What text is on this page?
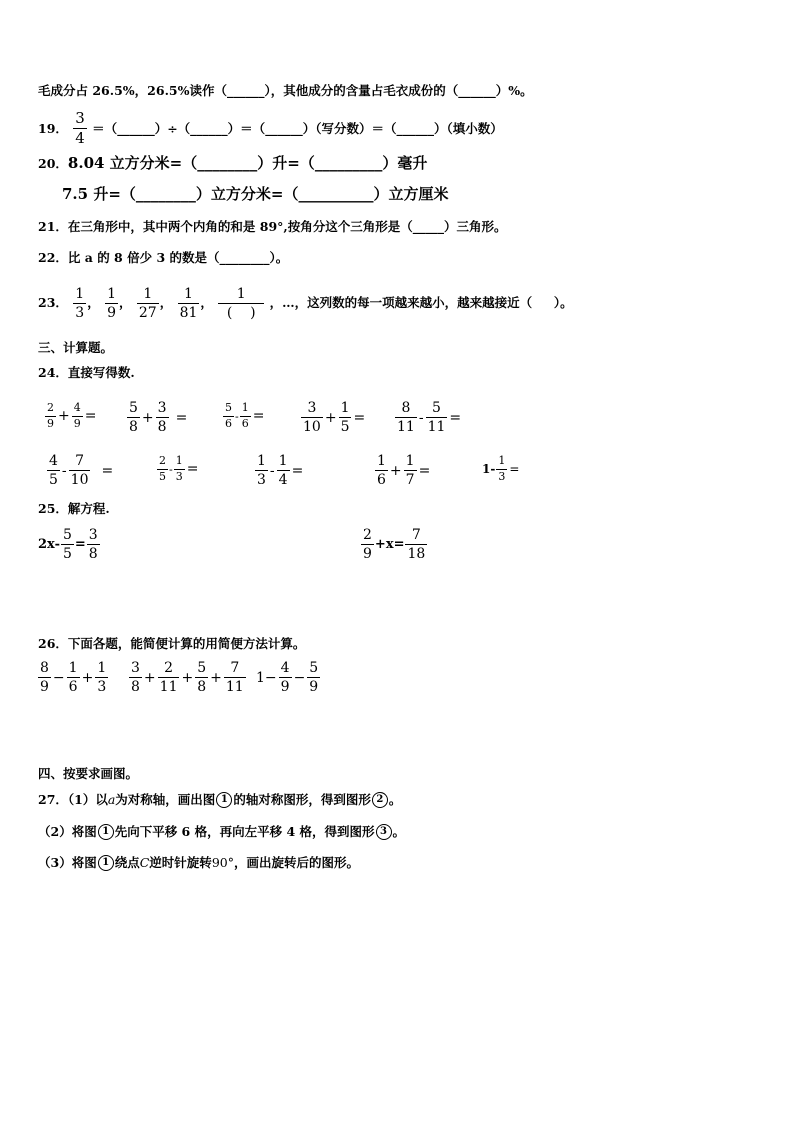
毛成分占 26.5%，26.5%读作（______），其他成分的含量占毛衣成份的（______）%。
19． $\frac{3}{4}$ ＝（______）÷（______）＝（______）（写分数）＝（______）（填小数）
20．8.04 立方分米=（________）升=（_________）毫升
7.5 升=（________）立方分米=（__________）立方厘米
21．在三角形中，其中两个内角的和是 89°,按角分这个三角形是（_____）三角形。
22．比 a 的 8 倍少 3 的数是（________）。
23． $\frac{1}{3}$ ， $\frac{1}{9}$ ， $\frac{1}{27}$ ， $\frac{1}{81}$ ， $\frac{1}{( )}$ ，…，这列数的每一项越来越小，越来越接近（ ）。
三、计算题。
24．直接写得数.
$\frac{2}{9} + \frac{4}{9} = \frac{5}{8} + \frac{3}{8}$ =	$\frac{5}{6} - \frac{1}{6}$ =	$\frac{3}{10} + \frac{1}{5} = \frac{8}{11} - \frac{5}{11}$ =
$\frac{4}{5} - \frac{7}{10}$ =	$\frac{2}{5} - \frac{1}{3}$ =	$\frac{1}{3} - \frac{1}{4}$ =	$\frac{1}{6} + \frac{1}{7}$ =	$1- \frac{1}{3}$ =
25．解方程.
$2x- \frac{5}{5} = \frac{3}{8}$	$\frac{2}{9} +x= \frac{7}{18}$
26．下面各题，能简便计算的用简便方法计算。
$\frac{8}{9} - \frac{1}{6} + \frac{1}{3} \frac{3}{8} + \frac{2}{11} + \frac{5}{8} + \frac{7}{11} 1- \frac{4}{9} - \frac{5}{9}$
四、按要求画图。
27．（1）以a为对称轴，画出图 1 的轴对称图形，得到图形 2 。
（2）将图 1 先向下平移 6 格，再向左平移 4 格，得到图形 3 。
（3）将图 1 绕点C逆时针旋转90°，画出旋转后的图形。
